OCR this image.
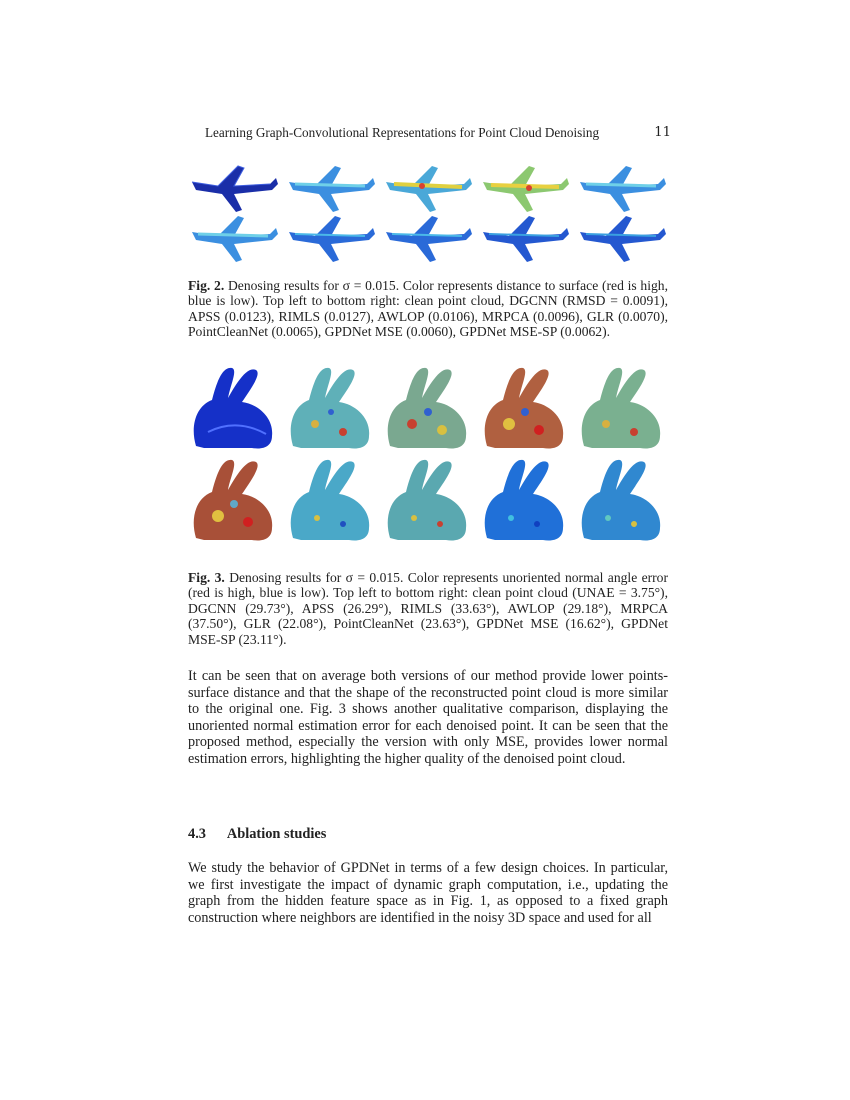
Learning Graph-Convolutional Representations for Point Cloud Denoising	11
Fig. 2. Denosing results for σ = 0.015. Color represents distance to surface (red is high, blue is low). Top left to bottom right: clean point cloud, DGCNN (RMSD = 0.0091), APSS (0.0123), RIMLS (0.0127), AWLOP (0.0106), MRPCA (0.0096), GLR (0.0070), PointCleanNet (0.0065), GPDNet MSE (0.0060), GPDNet MSE-SP (0.0062).
Fig. 3. Denosing results for σ = 0.015. Color represents unoriented normal angle error (red is high, blue is low). Top left to bottom right: clean point cloud (UNAE = 3.75°), DGCNN (29.73°), APSS (26.29°), RIMLS (33.63°), AWLOP (29.18°), MRPCA (37.50°), GLR (22.08°), PointCleanNet (23.63°), GPDNet MSE (16.62°), GPDNet MSE-SP (23.11°).

It can be seen that on average both versions of our method provide lower points-surface distance and that the shape of the reconstructed point cloud is more similar to the original one. Fig. 3 shows another qualitative comparison, displaying the unoriented normal estimation error for each denoised point. It can be seen that the proposed method, especially the version with only MSE, provides lower normal estimation errors, highlighting the higher quality of the denoised point cloud.

4.3 Ablation studies

We study the behavior of GPDNet in terms of a few design choices. In particular, we first investigate the impact of dynamic graph computation, i.e., updating the graph from the hidden feature space as in Fig. 1, as opposed to a fixed graph construction where neighbors are identified in the noisy 3D space and used for all
